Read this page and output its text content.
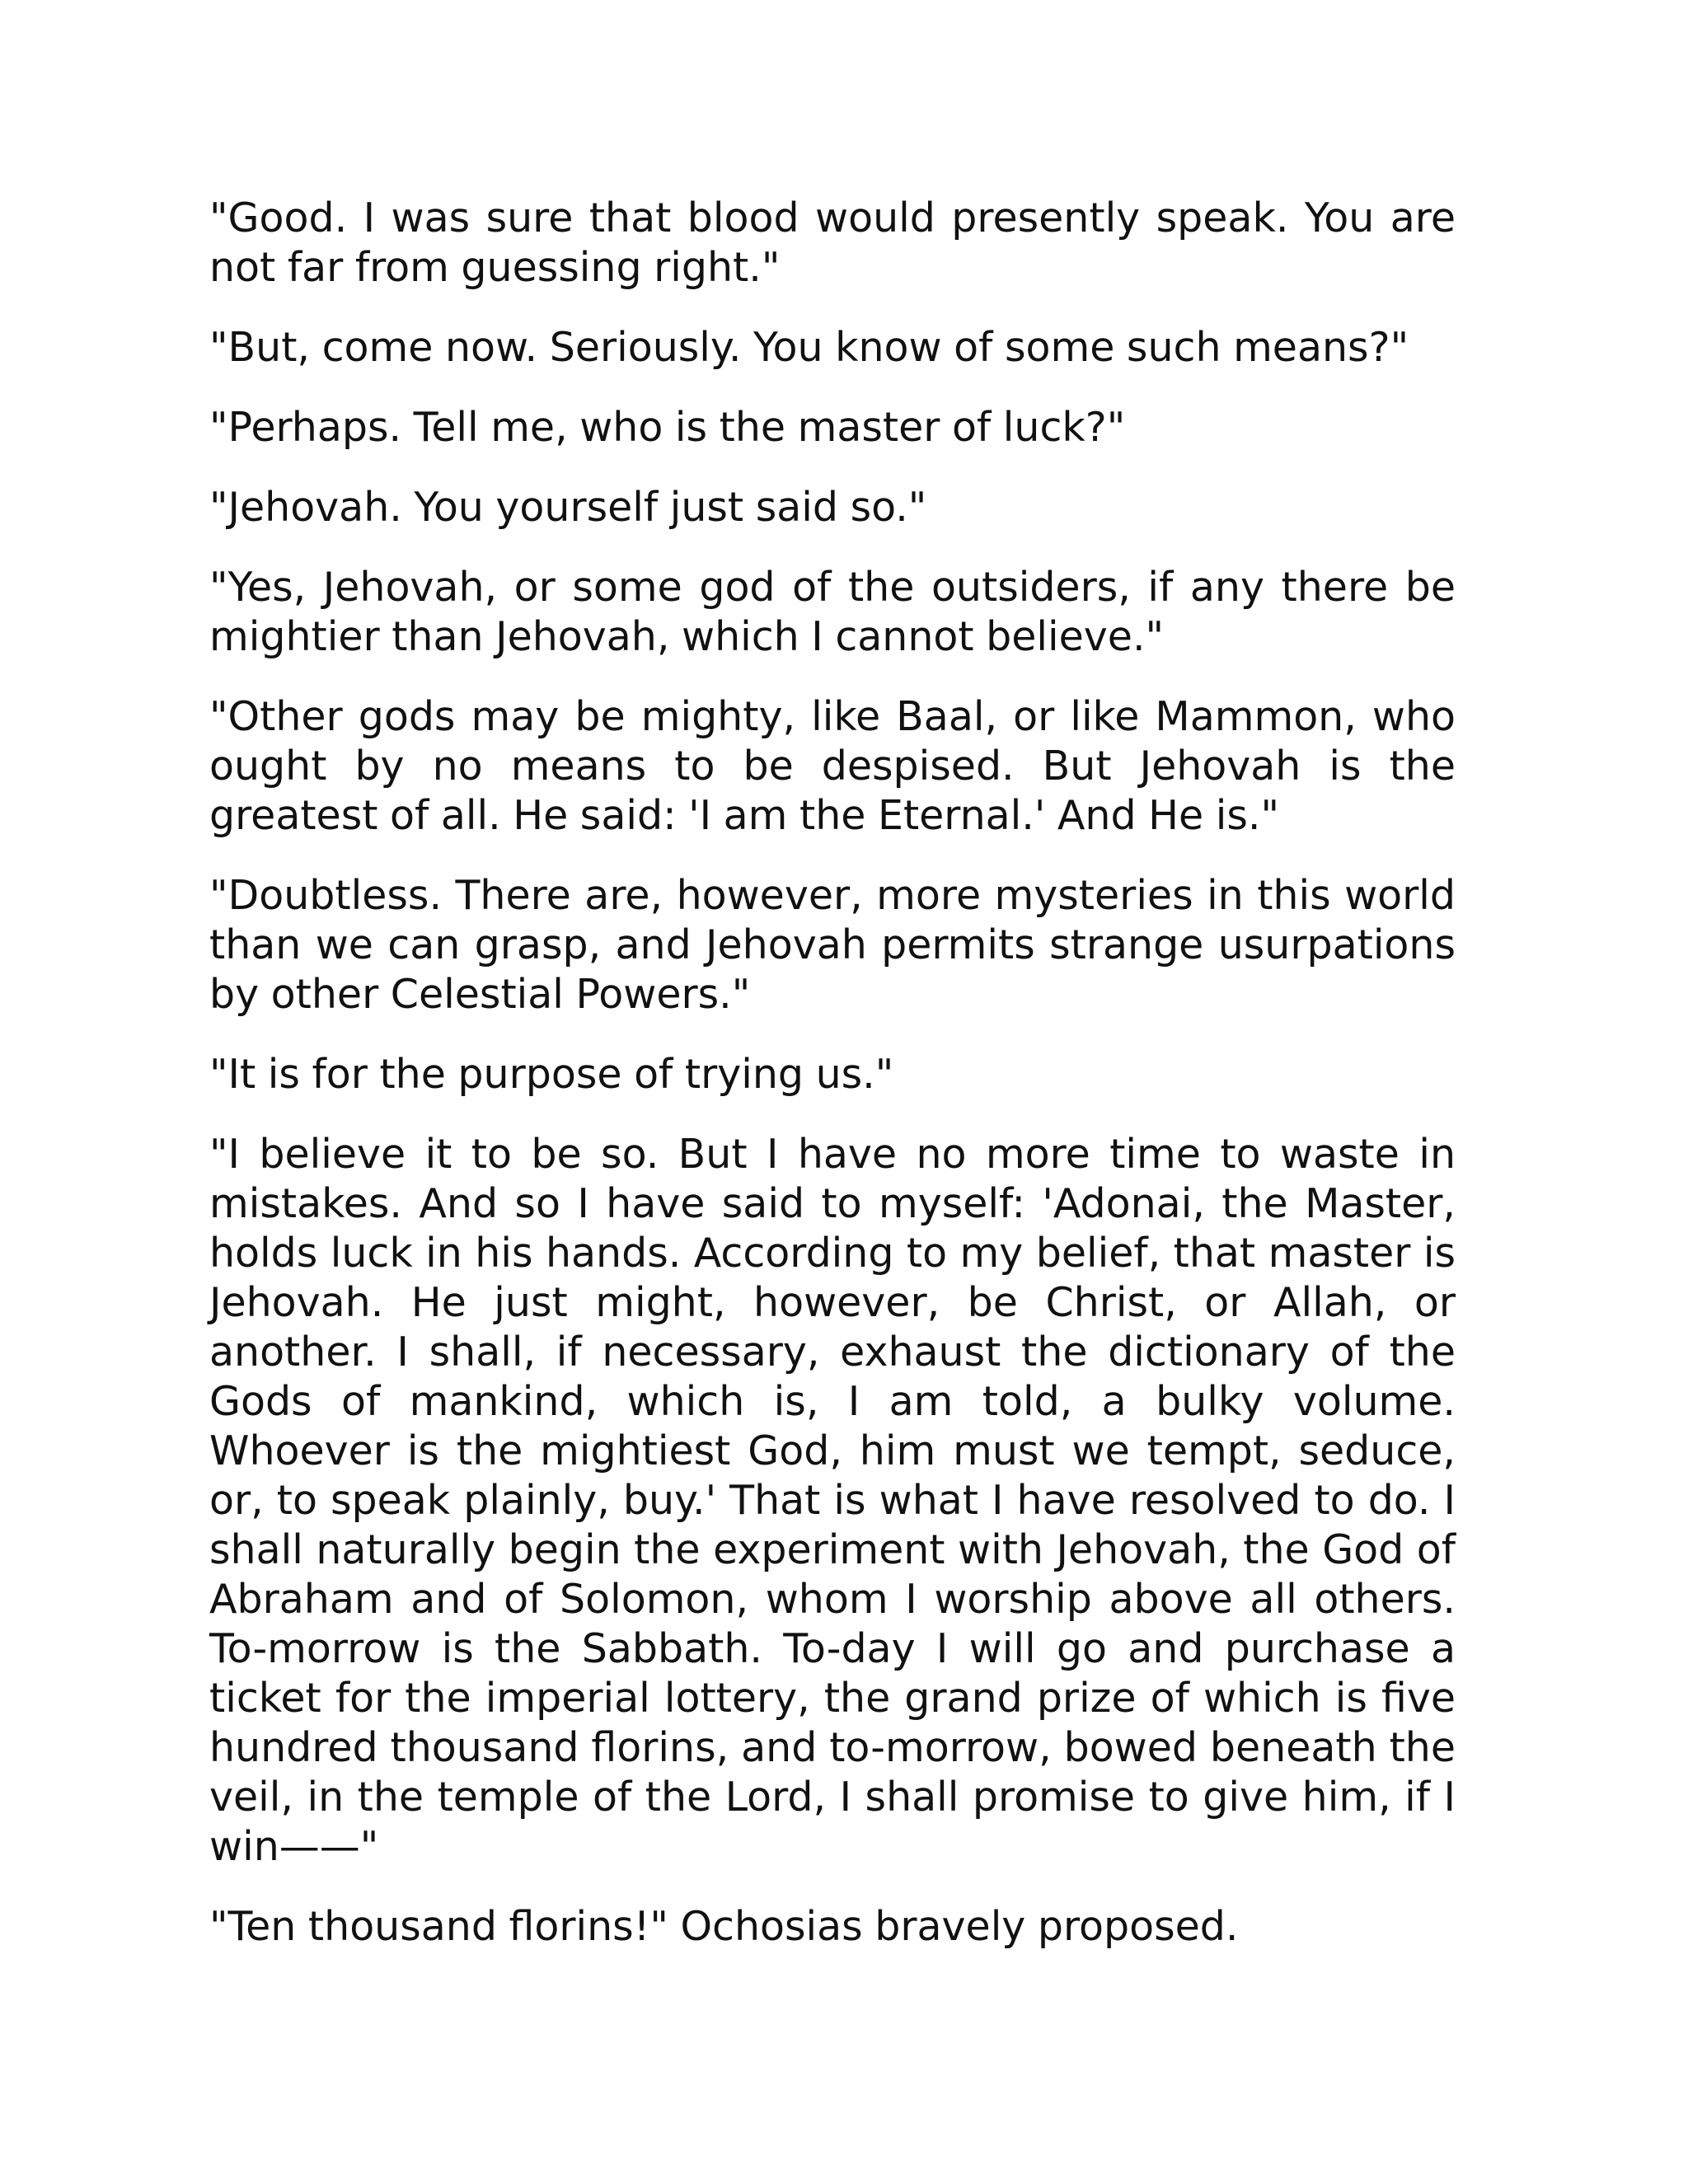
"Good. I was sure that blood would presently speak. You are not far from guessing right."

"But, come now. Seriously. You know of some such means?"

"Perhaps. Tell me, who is the master of luck?"

"Jehovah. You yourself just said so."

"Yes, Jehovah, or some god of the outsiders, if any there be mightier than Jehovah, which I cannot believe."

"Other gods may be mighty, like Baal, or like Mammon, who ought by no means to be despised. But Jehovah is the greatest of all. He said: 'I am the Eternal.' And He is."

"Doubtless. There are, however, more mysteries in this world than we can grasp, and Jehovah permits strange usurpations by other Celestial Powers."

"It is for the purpose of trying us."

"I believe it to be so. But I have no more time to waste in mistakes. And so I have said to myself: 'Adonai, the Master, holds luck in his hands. According to my belief, that master is Jehovah. He just might, however, be Christ, or Allah, or another. I shall, if necessary, exhaust the dictionary of the Gods of mankind, which is, I am told, a bulky volume. Whoever is the mightiest God, him must we tempt, seduce, or, to speak plainly, buy.' That is what I have resolved to do. I shall naturally begin the experiment with Jehovah, the God of Abraham and of Solomon, whom I worship above all others. To-morrow is the Sabbath. To-day I will go and purchase a ticket for the imperial lottery, the grand prize of which is five hundred thousand florins, and to-morrow, bowed beneath the veil, in the temple of the Lord, I shall promise to give him, if I win——"

"Ten thousand florins!" Ochosias bravely proposed.
